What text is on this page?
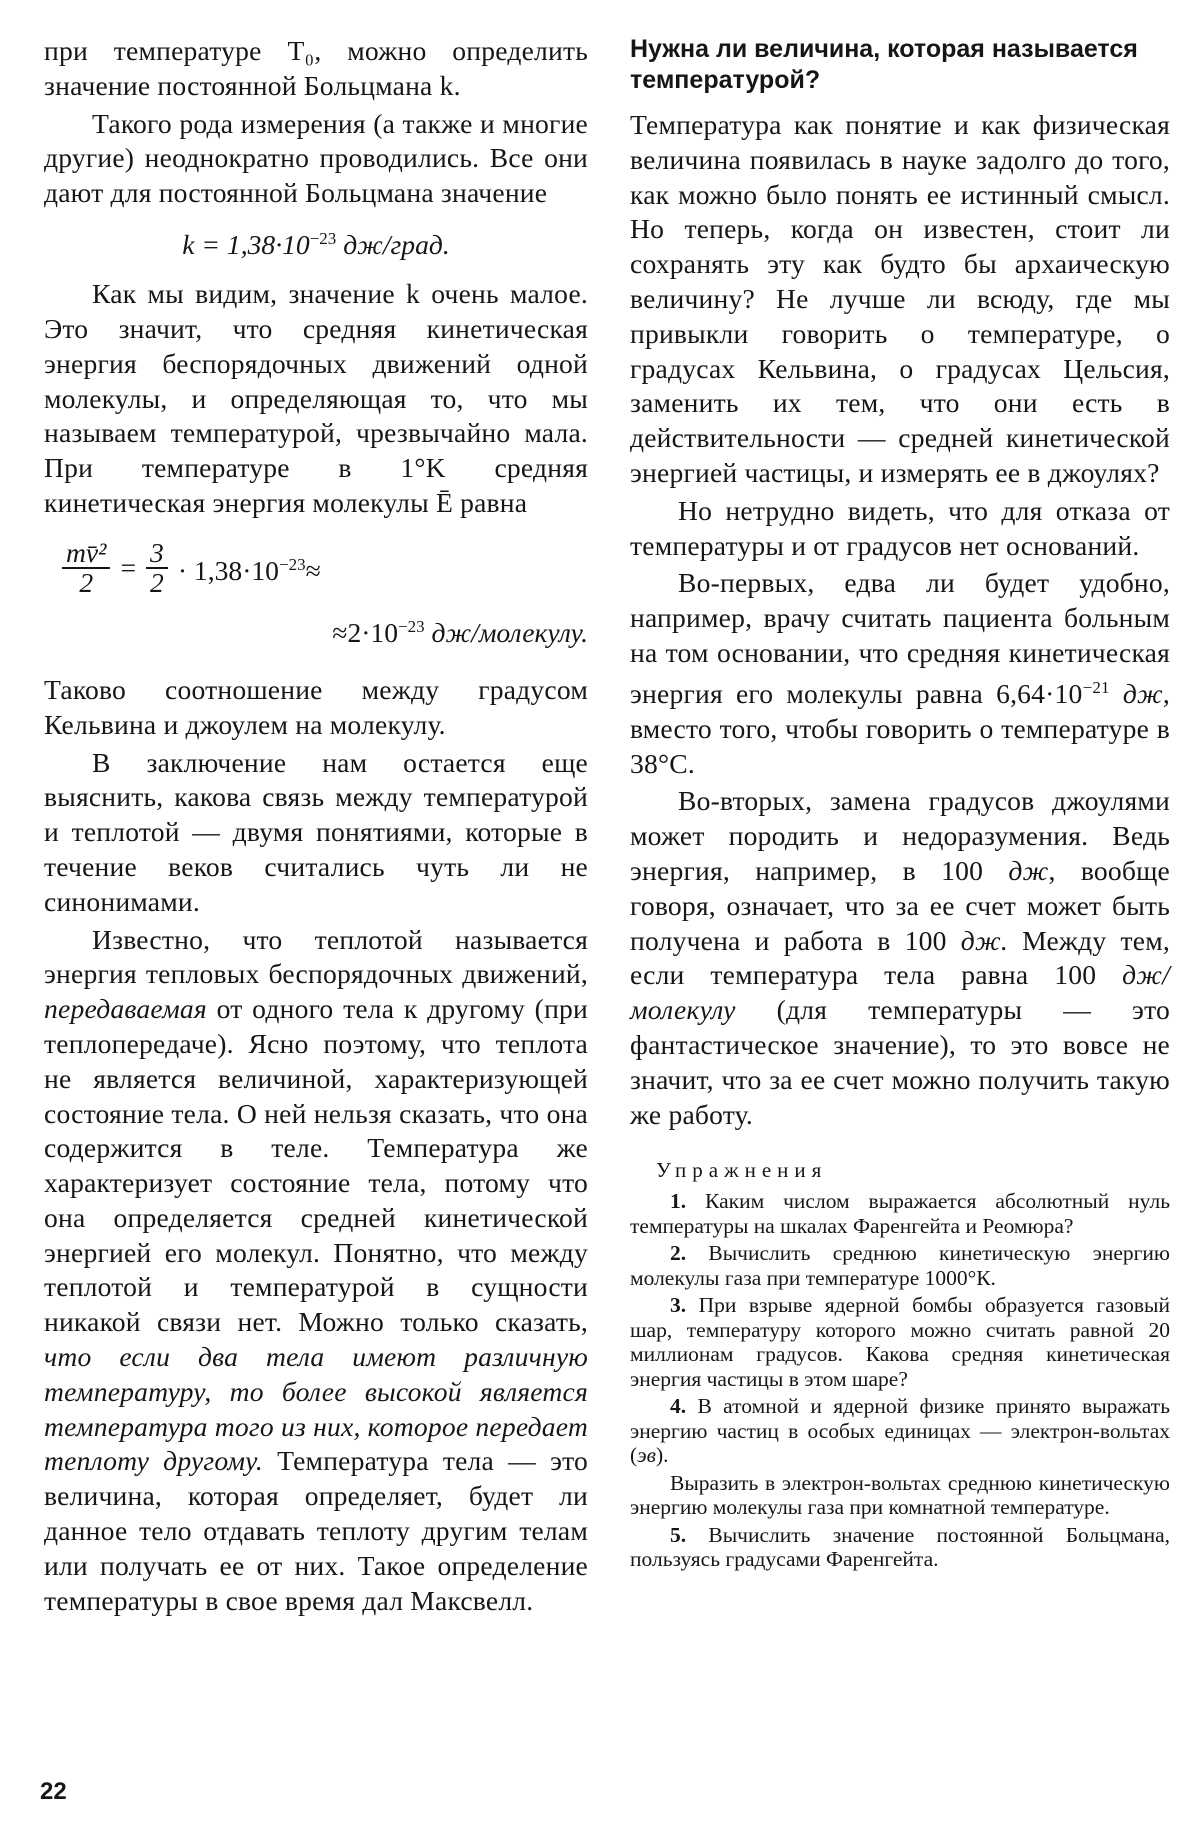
при температуре T₀, можно определить значение постоянной Больцмана k.

Такого рода измерения (а также и многие другие) неоднократно проводились. Все они дают для постоянной Больцмана значение

$k = 1,38\cdot 10^{-23}$ дж/град.

Как мы видим, значение k очень малое. Это значит, что средняя кинетическая энергия беспорядочных движений одной молекулы, и определяющая то, что мы называем температурой, чрезвычайно мала. При температуре в 1°K средняя кинетическая энергия молекулы Ē равна

$\frac{\text{mv̄²}}{2} = \frac{3}{2} \cdot 1,38\cdot 10^{-23}\approx$
$\approx 2\cdot 10^{-23}$ дж/молекулу.

Таково соотношение между градусом Кельвина и джоулем на молекулу.

В заключение нам остается еще выяснить, какова связь между температурой и теплотой — двумя понятиями, которые в течение веков считались чуть ли не синонимами.

Известно, что теплотой называется энергия тепловых беспорядочных движений, передаваемая от одного тела к другому (при теплопередаче). Ясно поэтому, что теплота не является величиной, характеризующей состояние тела. О ней нельзя сказать, что она содержится в теле. Температура же характеризует состояние тела, потому что она определяется средней кинетической энергией его молекул. Понятно, что между теплотой и температурой в сущности никакой связи нет. Можно только сказать, что если два тела имеют различную температуру, то более высокой является температура того из них, которое передает теплоту другому. Температура тела — это величина, которая определяет, будет ли данное тело отдавать теплоту другим телам или получать ее от них. Такое определение температуры в свое время дал Максвелл.

Нужна ли величина, которая называется температурой?

Температура как понятие и как физическая величина появилась в науке задолго до того, как можно было понять ее истинный смысл. Но теперь, когда он известен, стоит ли сохранять эту как будто бы архаическую величину? Не лучше ли всюду, где мы привыкли говорить о температуре, о градусах Кельвина, о градусах Цельсия, заменить их тем, что они есть в действительности — средней кинетической энергией частицы, и измерять ее в джоулях?

Но нетрудно видеть, что для отказа от температуры и от градусов нет оснований.

Во-первых, едва ли будет удобно, например, врачу считать пациента больным на том основании, что средняя кинетическая энергия его молекулы равна $6,64\cdot 10^{-21}$ дж, вместо того, чтобы говорить о температуре в 38°С.

Во-вторых, замена градусов джоулями может породить и недоразумения. Ведь энергия, например, в 100 дж, вообще говоря, означает, что за ее счет может быть получена и работа в 100 дж. Между тем, если температура тела равна 100 дж/молекулу (для температуры — это фантастическое значение), то это вовсе не значит, что за ее счет можно получить такую же работу.

Упражнения

1. Каким числом выражается абсолютный нуль температуры на шкалах Фаренгейта и Реомюра?

2. Вычислить среднюю кинетическую энергию молекулы газа при температуре 1000°К.

3. При взрыве ядерной бомбы образуется газовый шар, температуру которого можно считать равной 20 миллионам градусов. Какова средняя кинетическая энергия частицы в этом шаре?

4. В атомной и ядерной физике принято выражать энергию частиц в особых единицах — электрон-вольтах (эв).

Выразить в электрон-вольтах среднюю кинетическую энергию молекулы газа при комнатной температуре.

5. Вычислить значение постоянной Больцмана, пользуясь градусами Фаренгейта.

22
